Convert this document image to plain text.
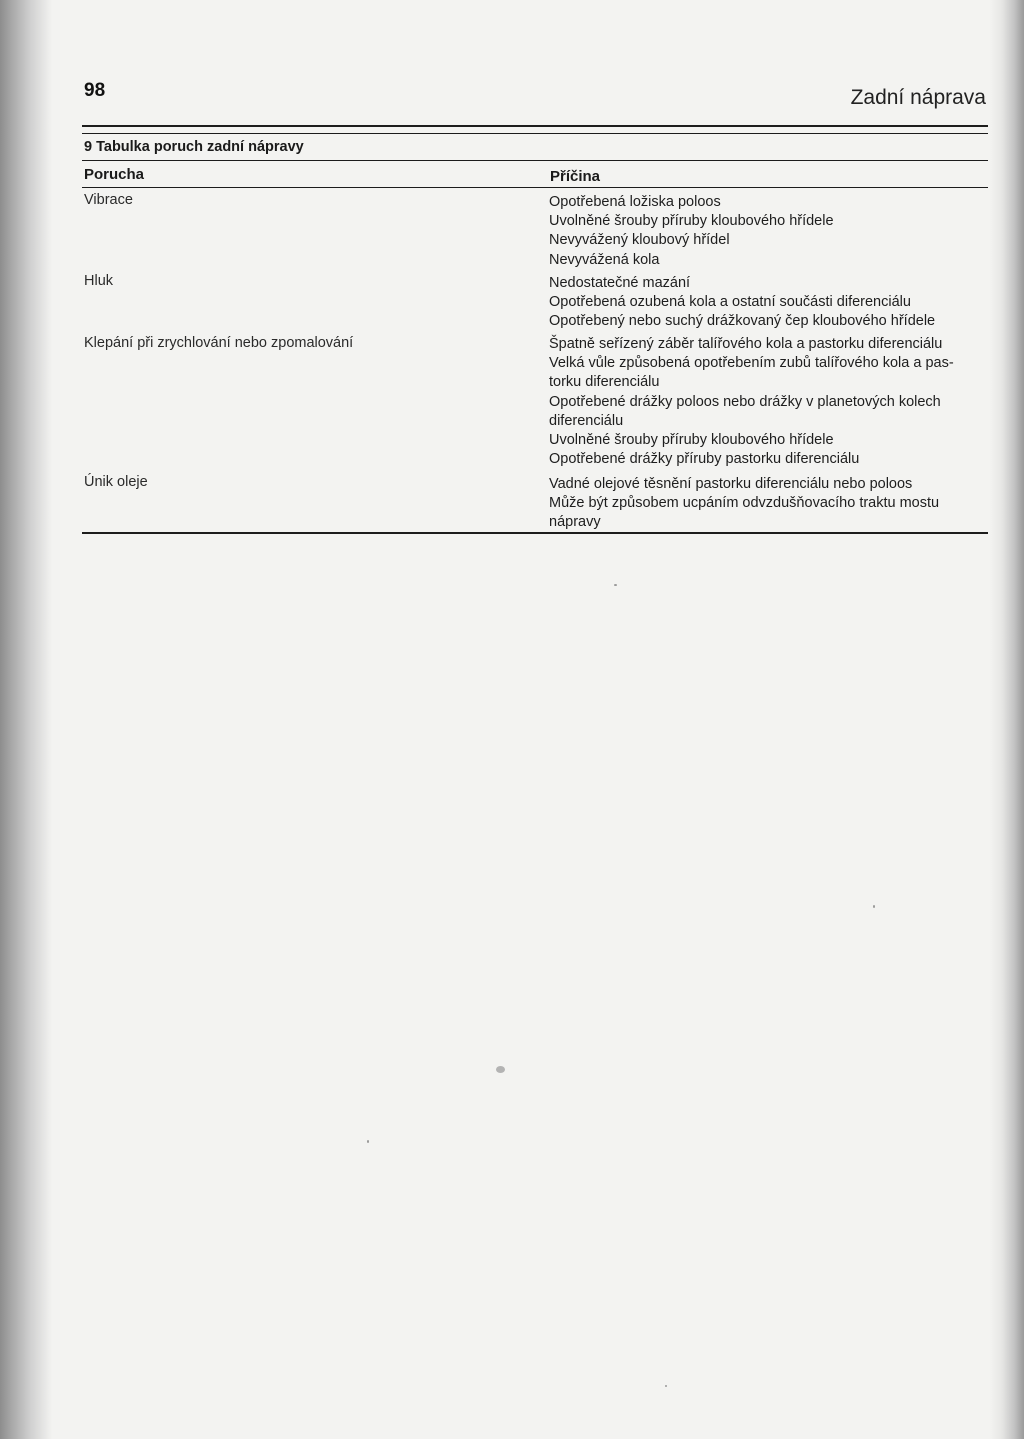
98	Zadní náprava
9 Tabulka poruch zadní nápravy
Porucha	Příčina
Vibrace	Opotřebená ložiska poloos
Uvolněné šrouby příruby kloubového hřídele
Nevyvážený kloubový hřídel
Nevyvážená kola
Hluk	Nedostatečné mazání
Opotřebená ozubená kola a ostatní součásti diferenciálu
Opotřebený nebo suchý drážkovaný čep kloubového hřídele
Klepání při zrychlování nebo zpomalování	Špatně seřízený záběr talířového kola a pastorku diferenciálu
Velká vůle způsobená opotřebením zubů talířového kola a pas-
torku diferenciálu
Opotřebené drážky poloos nebo drážky v planetových kolech
diferenciálu
Uvolněné šrouby příruby kloubového hřídele
Opotřebené drážky příruby pastorku diferenciálu
Únik oleje	Vadné olejové těsnění pastorku diferenciálu nebo poloos
Může být způsobem ucpáním odvzdušňovacího traktu mostu
nápravy
